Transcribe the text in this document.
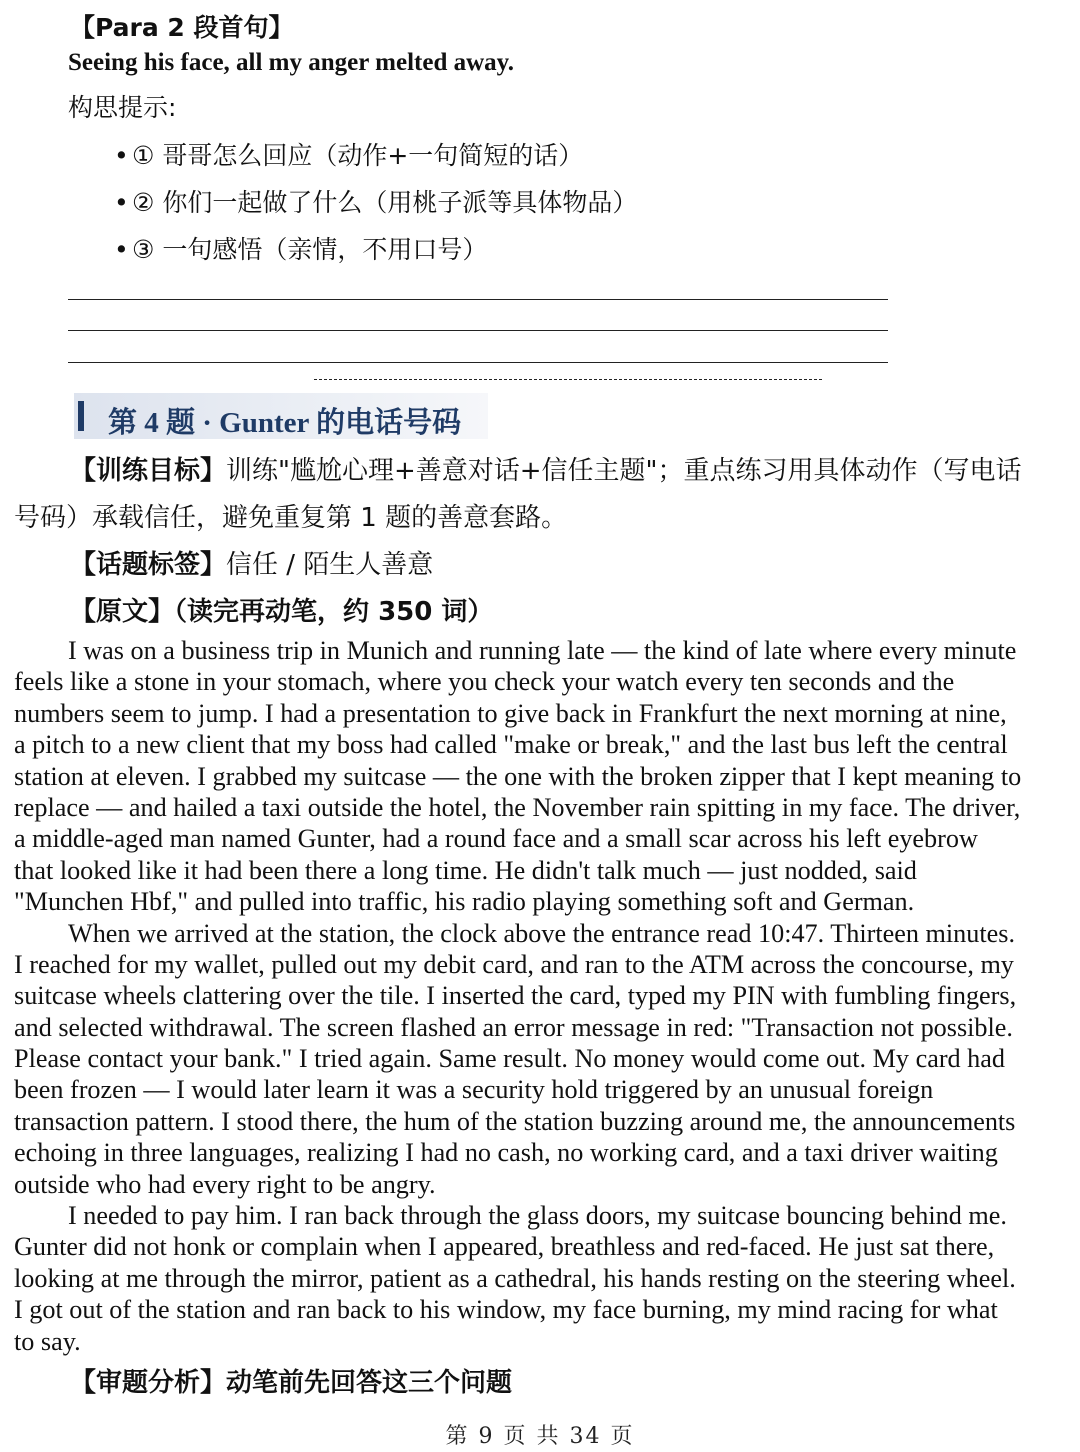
【Para 2 段首句】
Seeing his face, all my anger melted away.
构思提示:
• ① 哥哥怎么回应（动作+一句简短的话）
• ② 你们一起做了什么（用桃子派等具体物品）
• ③ 一句感悟（亲情，不用口号）
第 4 题 · Gunter 的电话号码
【训练目标】训练"尴尬心理+善意对话+信任主题"；重点练习用具体动作（写电话
号码）承载信任，避免重复第 1 题的善意套路。
【话题标签】信任 / 陌生人善意
【原文】（读完再动笔，约 350 词）
I was on a business trip in Munich and running late — the kind of late where every minute
feels like a stone in your stomach, where you check your watch every ten seconds and the
numbers seem to jump. I had a presentation to give back in Frankfurt the next morning at nine,
a pitch to a new client that my boss had called "make or break," and the last bus left the central
station at eleven. I grabbed my suitcase — the one with the broken zipper that I kept meaning to
replace — and hailed a taxi outside the hotel, the November rain spitting in my face. The driver,
a middle-aged man named Gunter, had a round face and a small scar across his left eyebrow
that looked like it had been there a long time. He didn't talk much — just nodded, said
"Munchen Hbf," and pulled into traffic, his radio playing something soft and German.
When we arrived at the station, the clock above the entrance read 10:47. Thirteen minutes.
I reached for my wallet, pulled out my debit card, and ran to the ATM across the concourse, my
suitcase wheels clattering over the tile. I inserted the card, typed my PIN with fumbling fingers,
and selected withdrawal. The screen flashed an error message in red: "Transaction not possible.
Please contact your bank." I tried again. Same result. No money would come out. My card had
been frozen — I would later learn it was a security hold triggered by an unusual foreign
transaction pattern. I stood there, the hum of the station buzzing around me, the announcements
echoing in three languages, realizing I had no cash, no working card, and a taxi driver waiting
outside who had every right to be angry.
I needed to pay him. I ran back through the glass doors, my suitcase bouncing behind me.
Gunter did not honk or complain when I appeared, breathless and red-faced. He just sat there,
looking at me through the mirror, patient as a cathedral, his hands resting on the steering wheel.
I got out of the station and ran back to his window, my face burning, my mind racing for what
to say.
【审题分析】动笔前先回答这三个问题
第 9 页 共 34 页
